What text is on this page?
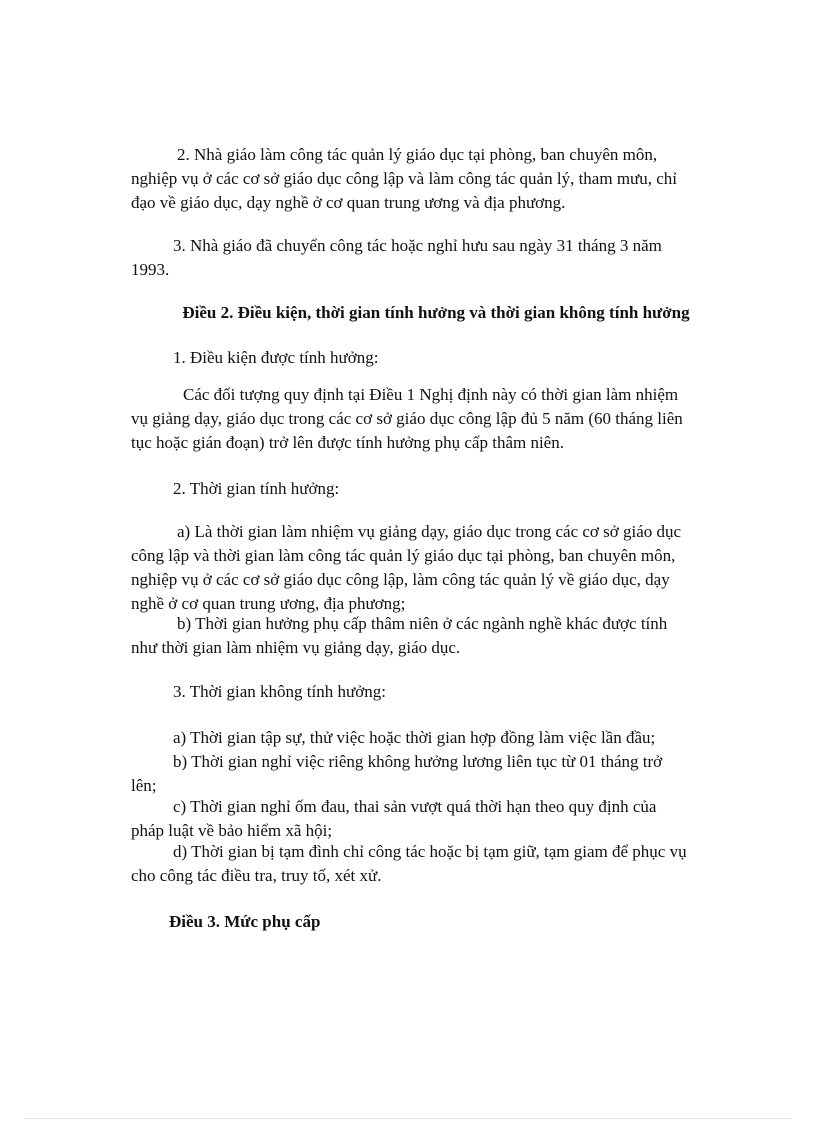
2. Nhà giáo làm công tác quản lý giáo dục tại phòng, ban chuyên môn,
nghiệp vụ ở các cơ sở giáo dục công lập và làm công tác quản lý, tham mưu, chỉ
đạo về giáo dục, dạy nghề ở cơ quan trung ương và địa phương.
3. Nhà giáo đã chuyển công tác hoặc nghỉ hưu sau ngày 31 tháng 3 năm
1993.
Điều 2. Điều kiện, thời gian tính hưởng và thời gian không tính hưởng
1. Điều kiện được tính hưởng:
Các đối tượng quy định tại Điều 1 Nghị định này có thời gian làm nhiệm
vụ giảng dạy, giáo dục trong các cơ sở giáo dục công lập đủ 5 năm (60 tháng liên
tục hoặc gián đoạn) trở lên được tính hưởng phụ cấp thâm niên.
2. Thời gian tính hưởng:
a) Là thời gian làm nhiệm vụ giảng dạy, giáo dục trong các cơ sở giáo dục
công lập và thời gian làm công tác quản lý giáo dục tại phòng, ban chuyên môn,
nghiệp vụ ở các cơ sở giáo dục công lập, làm công tác quản lý về giáo dục, dạy
nghề ở cơ quan trung ương, địa phương;
b) Thời gian hưởng phụ cấp thâm niên ở các ngành nghề khác được tính
như thời gian làm nhiệm vụ giảng dạy, giáo dục.
3. Thời gian không tính hưởng:
a) Thời gian tập sự, thử việc hoặc thời gian hợp đồng làm việc lần đầu;
b) Thời gian nghỉ việc riêng không hưởng lương liên tục từ 01 tháng trở
lên;
c) Thời gian nghỉ ốm đau, thai sản vượt quá thời hạn theo quy định của
pháp luật về bảo hiểm xã hội;
d) Thời gian bị tạm đình chỉ công tác hoặc bị tạm giữ, tạm giam để phục vụ
cho công tác điều tra, truy tố, xét xử.
Điều 3. Mức phụ cấp
